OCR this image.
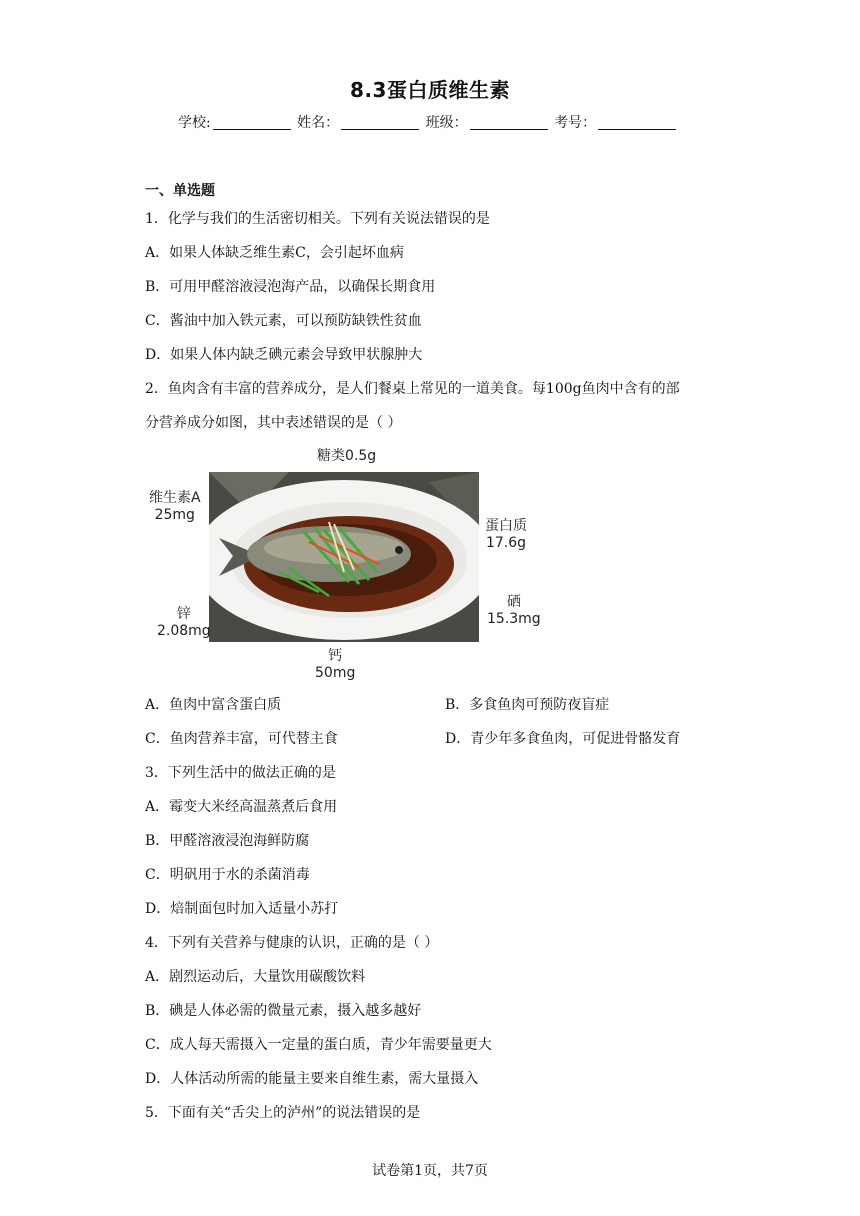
8.3蛋白质维生素
学校:	姓名：	班级：	考号：
一、单选题
1．化学与我们的生活密切相关。下列有关说法错误的是
A．如果人体缺乏维生素C，会引起坏血病
B．可用甲醛溶液浸泡海产品，以确保长期食用
C．酱油中加入铁元素，可以预防缺铁性贫血
D．如果人体内缺乏碘元素会导致甲状腺肿大
2．鱼肉含有丰富的营养成分，是人们餐桌上常见的一道美食。每100g鱼肉中含有的部
分营养成分如图，其中表述错误的是（ ）
糖类0.5g
维生素A
25mg
蛋白质
17.6g
锌
2.08mg
硒
15.3mg
钙
50mg
A．鱼肉中富含蛋白质	B．多食鱼肉可预防夜盲症
C．鱼肉营养丰富，可代替主食	D．青少年多食鱼肉，可促进骨骼发育
3．下列生活中的做法正确的是
A．霉变大米经高温蒸煮后食用
B．甲醛溶液浸泡海鲜防腐
C．明矾用于水的杀菌消毒
D．焙制面包时加入适量小苏打
4．下列有关营养与健康的认识，正确的是（ ）
A．剧烈运动后，大量饮用碳酸饮料
B．碘是人体必需的微量元素，摄入越多越好
C．成人每天需摄入一定量的蛋白质，青少年需要量更大
D．人体活动所需的能量主要来自维生素，需大量摄入
5．下面有关“舌尖上的泸州”的说法错误的是
试卷第1页，共7页
